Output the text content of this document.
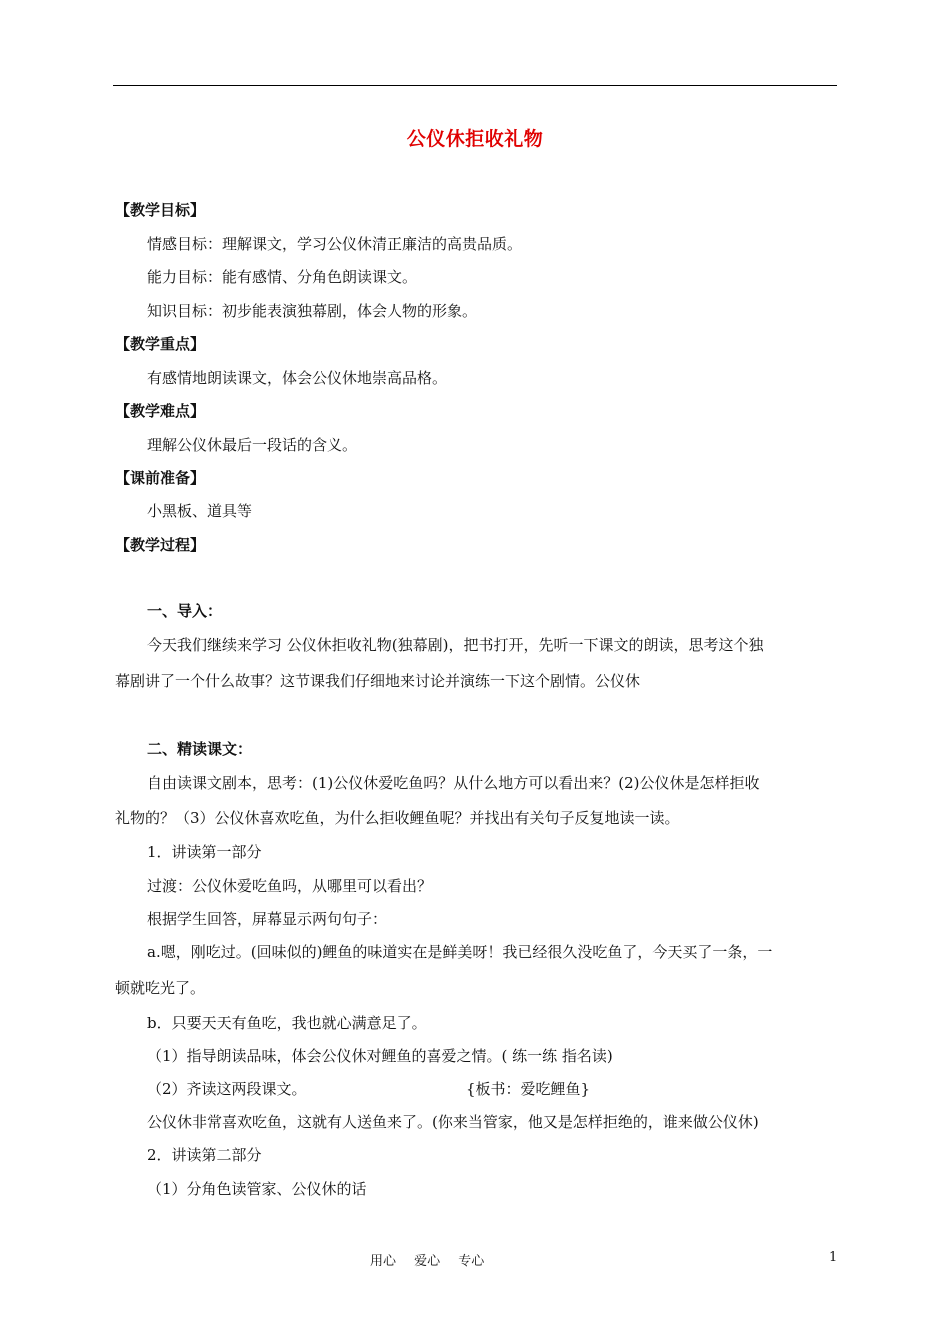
公仪休拒收礼物
【教学目标】
情感目标：理解课文，学习公仪休清正廉洁的高贵品质。
能力目标：能有感情、分角色朗读课文。
知识目标：初步能表演独幕剧，体会人物的形象。
【教学重点】
有感情地朗读课文，体会公仪休地崇高品格。
【教学难点】
理解公仪休最后一段话的含义。
【课前准备】
小黑板、道具等
【教学过程】
一、导入：
今天我们继续来学习 公仪休拒收礼物(独幕剧)，把书打开，先听一下课文的朗读，思考这个独
幕剧讲了一个什么故事？这节课我们仔细地来讨论并演练一下这个剧情。公仪休
二、精读课文：
自由读课文剧本，思考：(1)公仪休爱吃鱼吗？从什么地方可以看出来？(2)公仪休是怎样拒收
礼物的？（3）公仪休喜欢吃鱼，为什么拒收鲤鱼呢？并找出有关句子反复地读一读。
1．讲读第一部分
过渡：公仪休爱吃鱼吗，从哪里可以看出？
根据学生回答，屏幕显示两句句子：
a.嗯，刚吃过。(回味似的)鲤鱼的味道实在是鲜美呀！我已经很久没吃鱼了，今天买了一条，一
顿就吃光了。
b．只要天天有鱼吃，我也就心满意足了。
（1）指导朗读品味，体会公仪休对鲤鱼的喜爱之情。( 练一练 指名读)
（2）齐读这两段课文。	{板书：爱吃鲤鱼}
公仪休非常喜欢吃鱼，这就有人送鱼来了。(你来当管家，他又是怎样拒绝的，谁来做公仪休)
2．讲读第二部分
（1）分角色读管家、公仪休的话
用心 爱心 专心	1
